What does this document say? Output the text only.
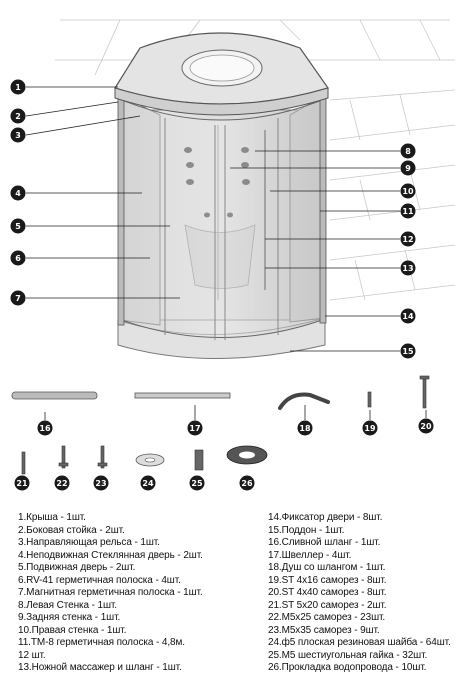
1
2
3
4
5
6
7
8
9
10
11
12
13
14
15
16	17	18	19	20
21	22	23	24	25	26
1.Крыша - 1шт.
2.Боковая стойка - 2шт.
3.Направляющая рельса - 1шт.
4.Неподвижная Стеклянная дверь - 2шт.
5.Подвижная дверь - 2шт.
6.RV-41 герметичная полоска - 4шт.
7.Магнитная герметичная полоска - 1шт.
8.Левая Стенка - 1шт.
9.Задняя стенка - 1шт.
10.Правая стенка - 1шт.
11.TM-8 герметичная полоска - 4,8м.
12 шт.
13.Ножной массажер и шланг - 1шт.
14.Фиксатор двери - 8шт.
15.Поддон - 1шт.
16.Сливной шланг - 1шт.
17.Швеллер - 4шт.
18.Душ со шлангом - 1шт.
19.ST 4x16 саморез - 8шт.
20.ST 4x40 саморез - 8шт.
21.ST 5x20 саморез - 2шт.
22.M5x25 саморез - 23шт.
23.M5x35 саморез - 9шт.
24.ф5 плоская резиновая шайба - 64шт.
25.M5 шестиугольная гайка - 32шт.
26.Прокладка водопровода - 10шт.
